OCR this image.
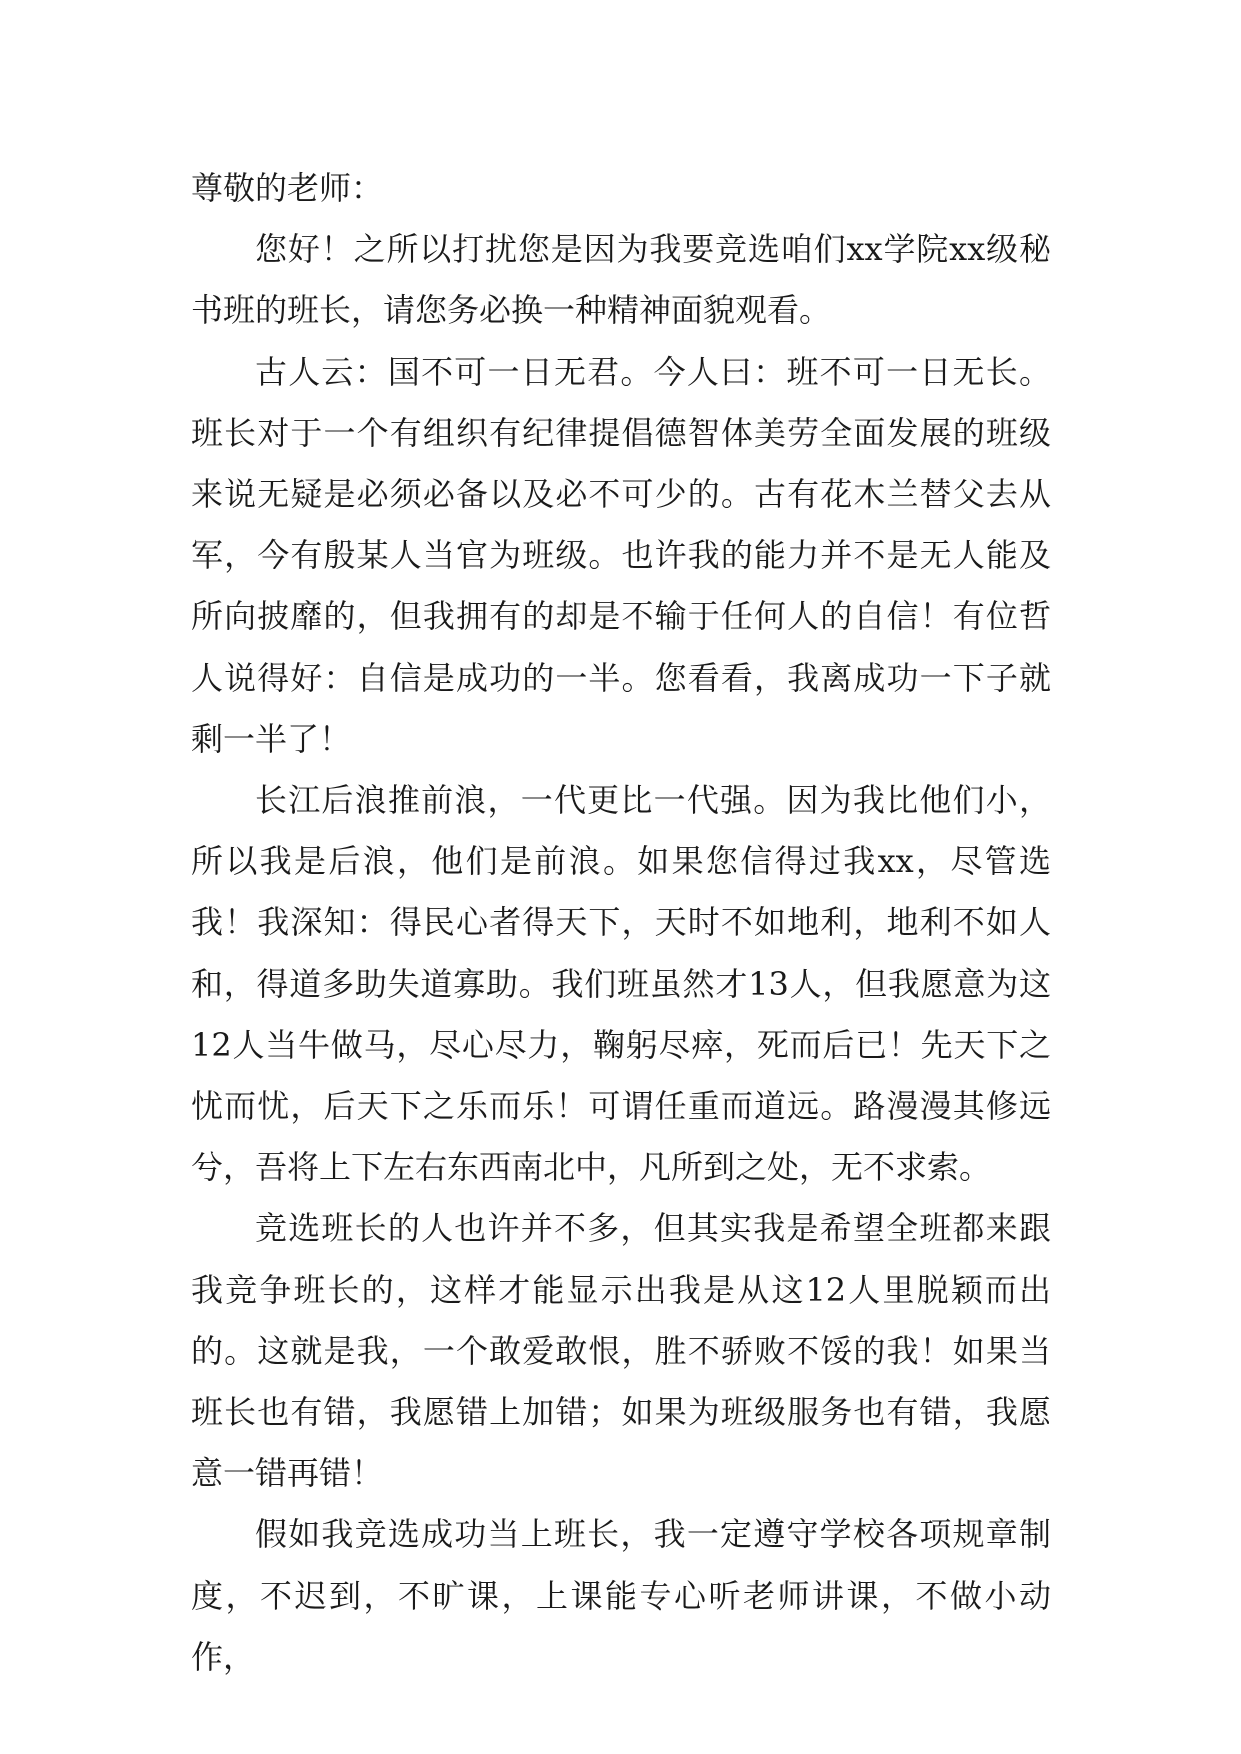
尊敬的老师：

您好！之所以打扰您是因为我要竞选咱们xx学院xx级秘书班的班长，请您务必换一种精神面貌观看。

古人云：国不可一日无君。今人曰：班不可一日无长。班长对于一个有组织有纪律提倡德智体美劳全面发展的班级来说无疑是必须必备以及必不可少的。古有花木兰替父去从军，今有殷某人当官为班级。也许我的能力并不是无人能及所向披靡的，但我拥有的却是不输于任何人的自信！有位哲人说得好：自信是成功的一半。您看看，我离成功一下子就剩一半了！

长江后浪推前浪，一代更比一代强。因为我比他们小，所以我是后浪，他们是前浪。如果您信得过我xx，尽管选我！我深知：得民心者得天下，天时不如地利，地利不如人和，得道多助失道寡助。我们班虽然才13人，但我愿意为这12人当牛做马，尽心尽力，鞠躬尽瘁，死而后已！先天下之忧而忧，后天下之乐而乐！可谓任重而道远。路漫漫其修远兮，吾将上下左右东西南北中，凡所到之处，无不求索。

竞选班长的人也许并不多，但其实我是希望全班都来跟我竞争班长的，这样才能显示出我是从这12人里脱颖而出的。这就是我，一个敢爱敢恨，胜不骄败不馁的我！如果当班长也有错，我愿错上加错；如果为班级服务也有错，我愿意一错再错！

假如我竞选成功当上班长，我一定遵守学校各项规章制度，不迟到，不旷课，上课能专心听老师讲课，不做小动作，
